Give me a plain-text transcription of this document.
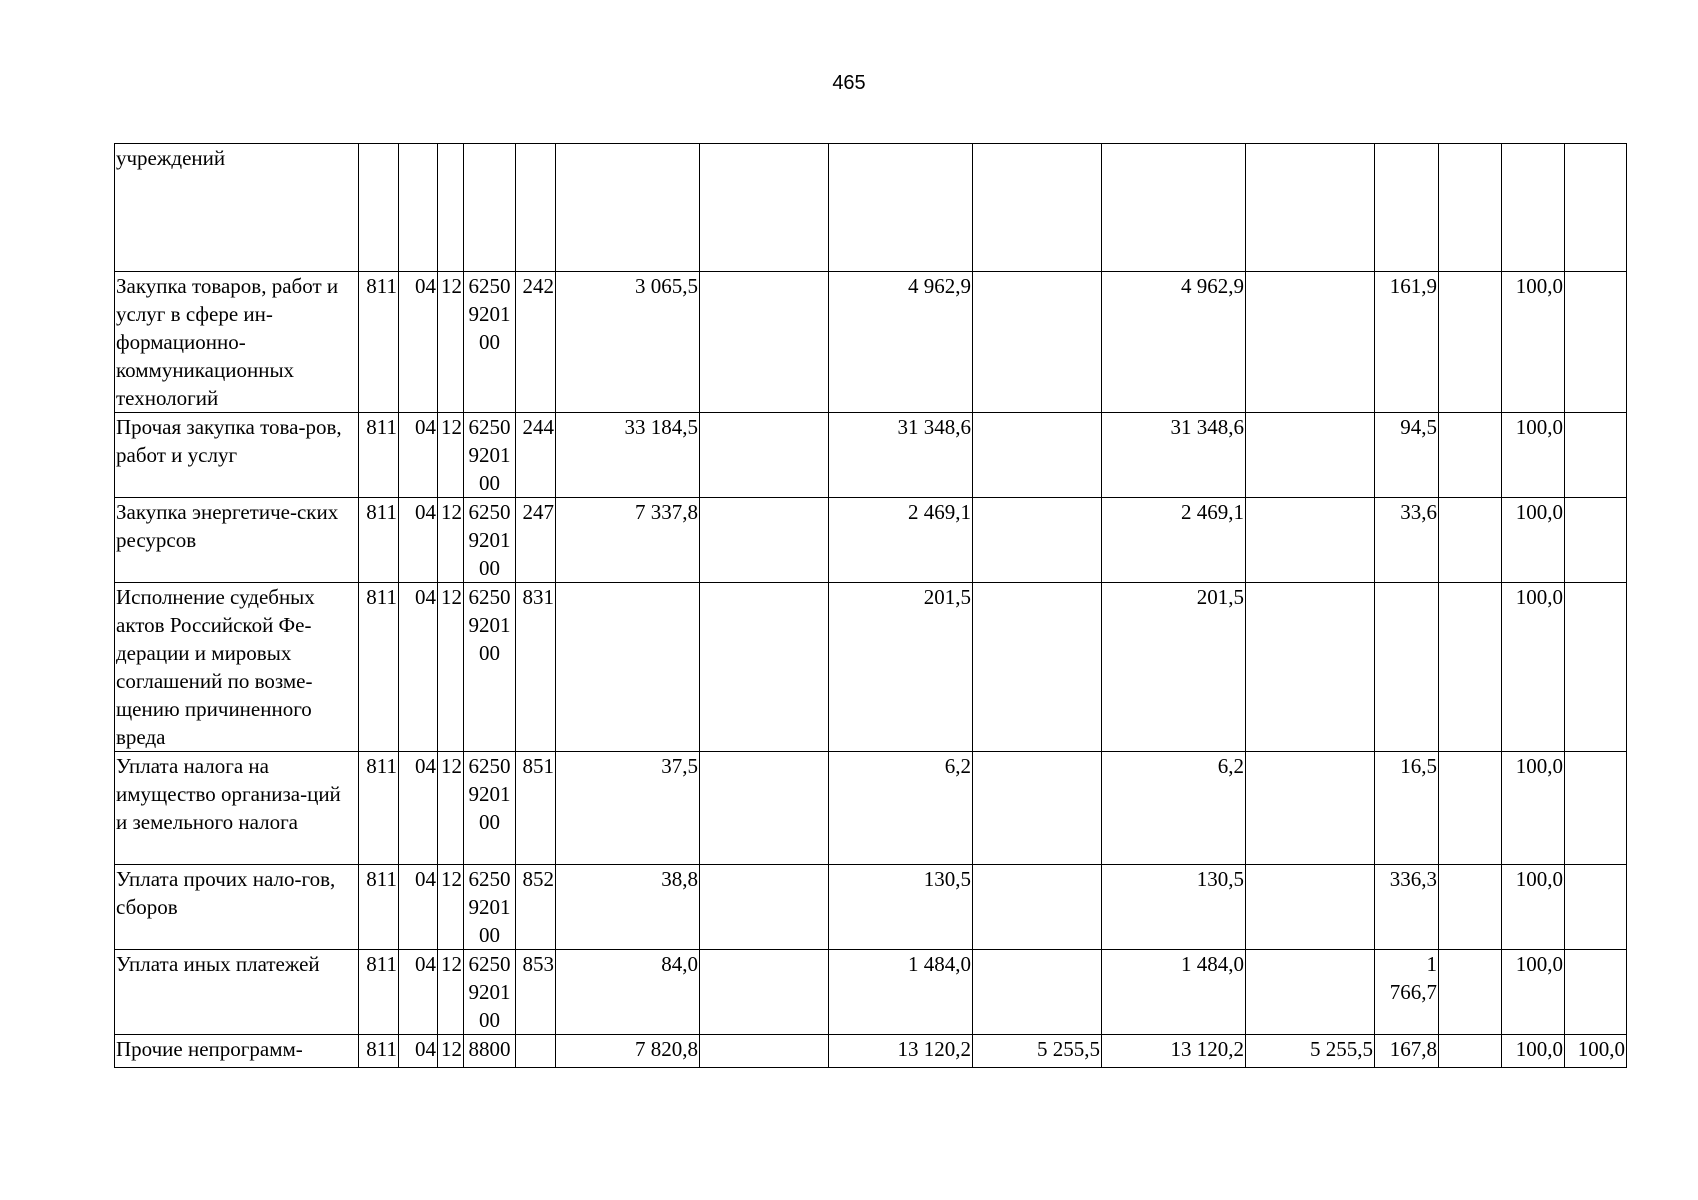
465
учреждений															
Закупка товаров, работ и услуг в сфере ин-формационно-коммуникационных технологий	811	04	12	6250 9201 00	242	3 065,5		4 962,9		4 962,9		161,9		100,0	
Прочая закупка това-ров, работ и услуг	811	04	12	6250 9201 00	244	33 184,5		31 348,6		31 348,6		94,5		100,0	
Закупка энергетиче-ских ресурсов	811	04	12	6250 9201 00	247	7 337,8		2 469,1		2 469,1		33,6		100,0	
Исполнение судебных актов Российской Фе-дерации и мировых соглашений по возме-щению причиненного вреда	811	04	12	6250 9201 00	831			201,5		201,5				100,0	
Уплата налога на имущество организа-ций и земельного налога	811	04	12	6250 9201 00	851	37,5		6,2		6,2		16,5		100,0	
Уплата прочих нало-гов, сборов	811	04	12	6250 9201 00	852	38,8		130,5		130,5		336,3		100,0	
Уплата иных платежей	811	04	12	6250 9201 00	853	84,0		1 484,0		1 484,0		1 766,7		100,0	
Прочие непрограмм-	811	04	12	8800		7 820,8		13 120,2	5 255,5	13 120,2	5 255,5	167,8		100,0	100,0
